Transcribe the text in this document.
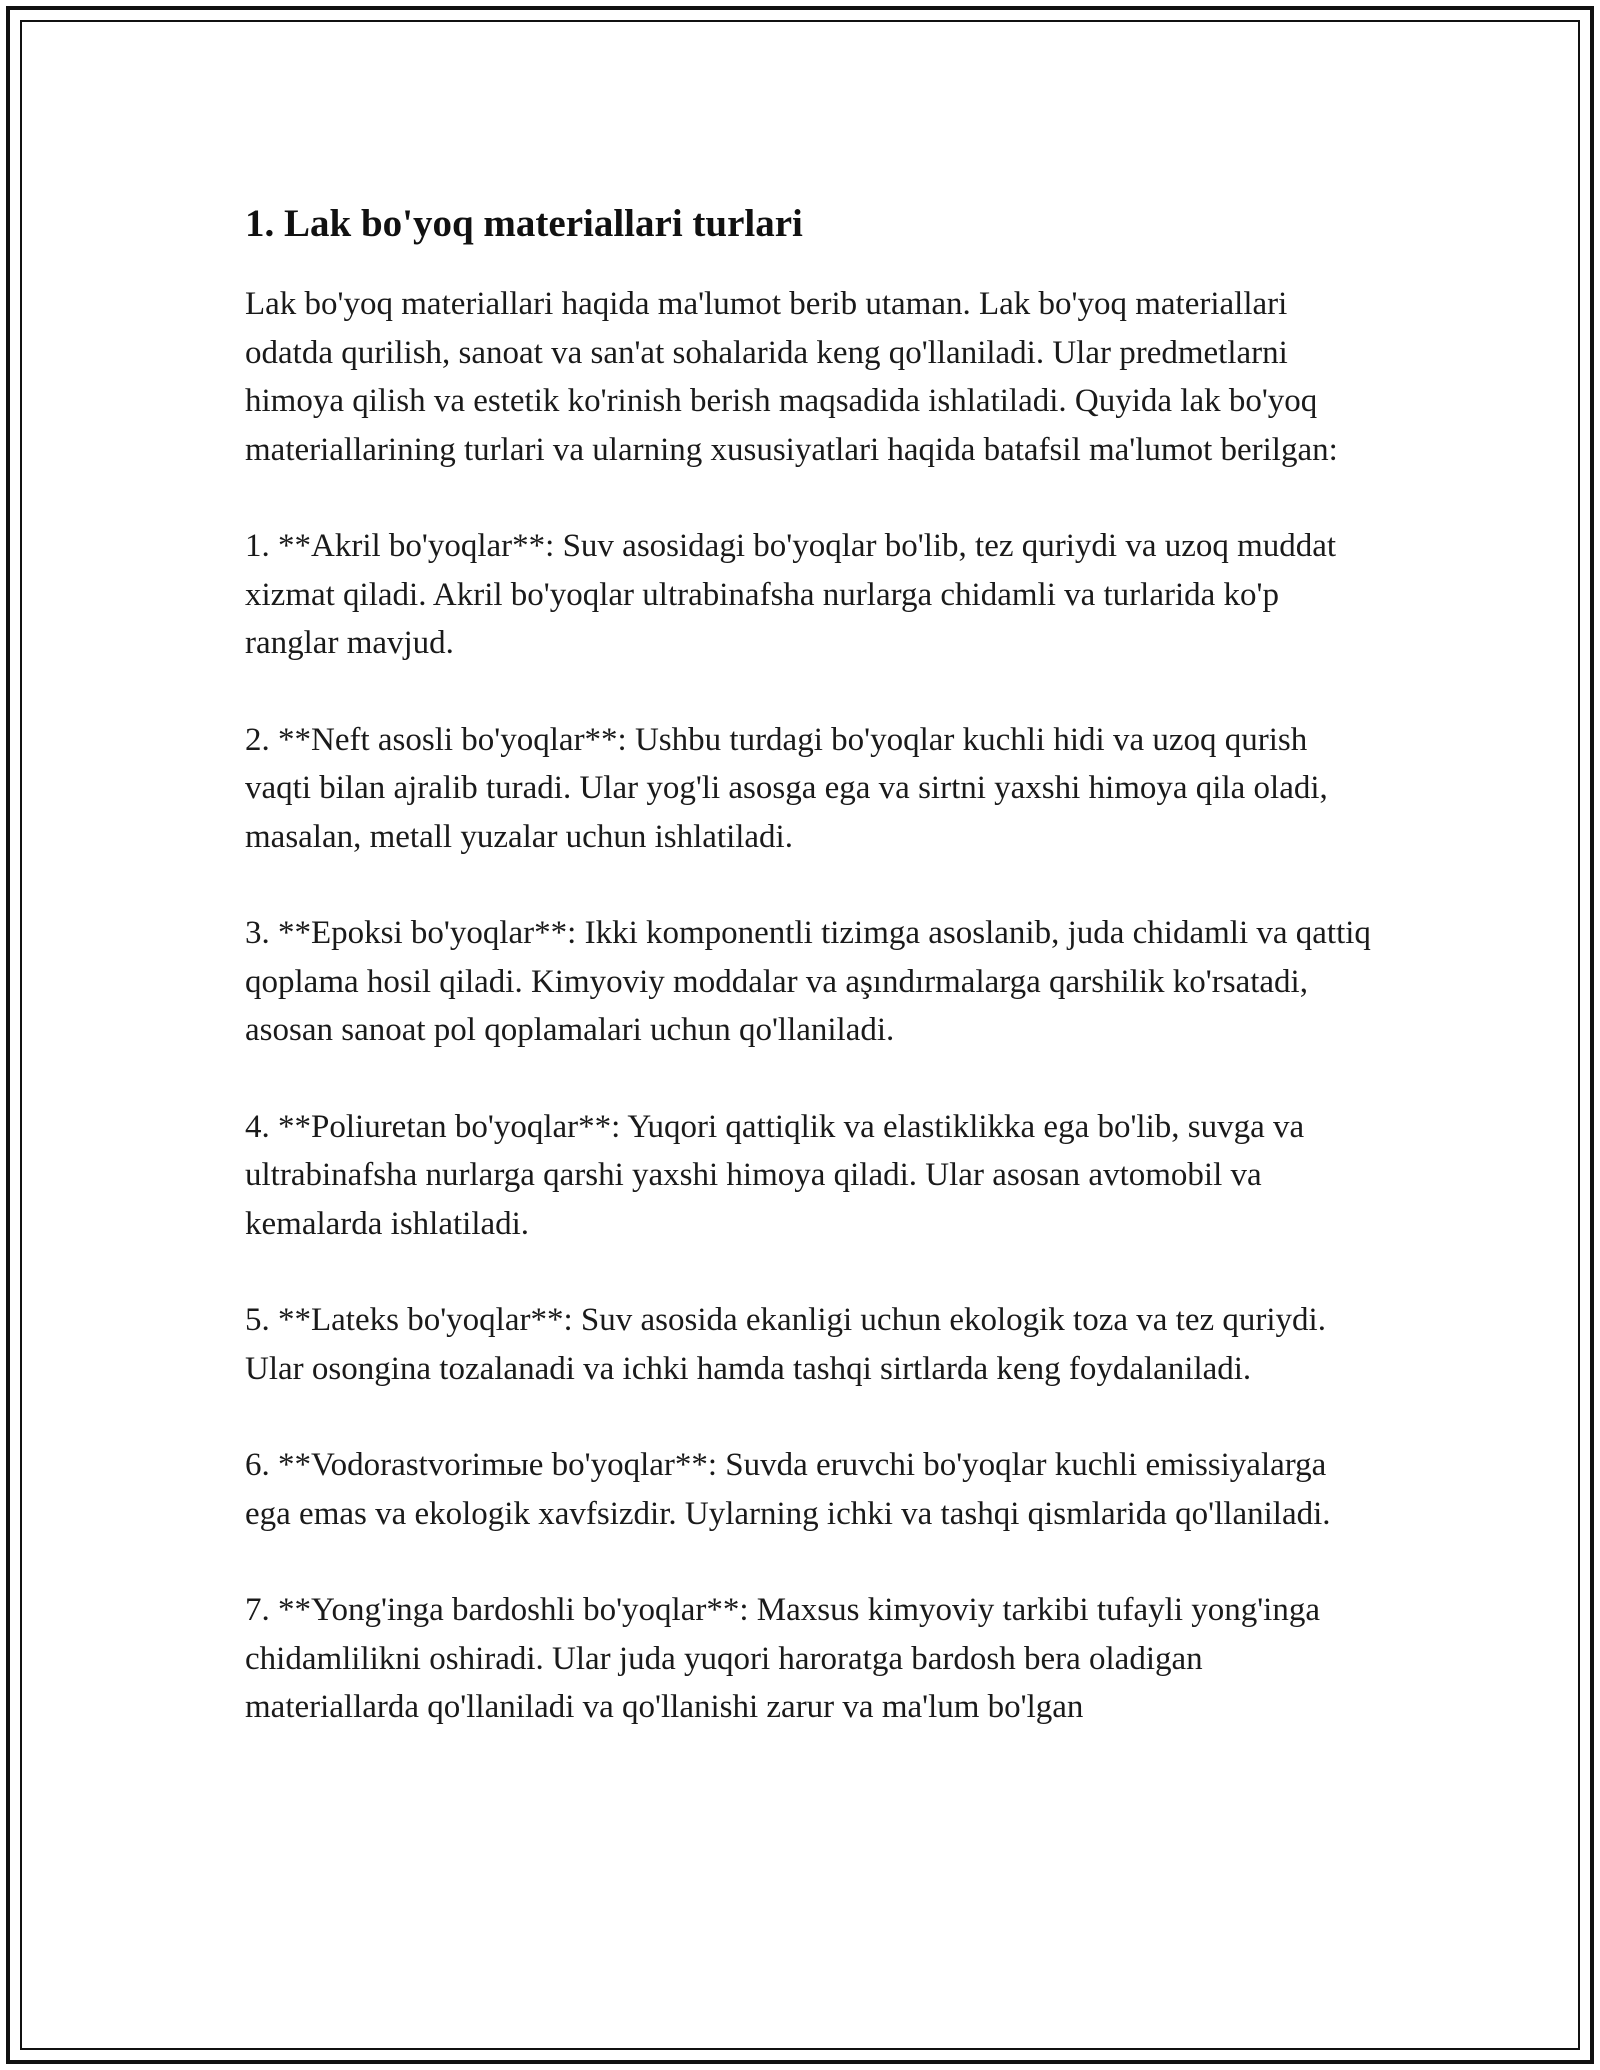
1. Lak bo'yoq materiallari turlari

Lak bo'yoq materiallari haqida ma'lumot berib utaman. Lak bo'yoq materiallari odatda qurilish, sanoat va san'at sohalarida keng qo'llaniladi. Ular predmetlarni himoya qilish va estetik ko'rinish berish maqsadida ishlatiladi. Quyida lak bo'yoq materiallarining turlari va ularning xususiyatlari haqida batafsil ma'lumot berilgan:

1. **Akril bo'yoqlar**: Suv asosidagi bo'yoqlar bo'lib, tez quriydi va uzoq muddat xizmat qiladi. Akril bo'yoqlar ultrabinafsha nurlarga chidamli va turlarida ko'p ranglar mavjud.

2. **Neft asosli bo'yoqlar**: Ushbu turdagi bo'yoqlar kuchli hidi va uzoq qurish vaqti bilan ajralib turadi. Ular yog'li asosga ega va sirtni yaxshi himoya qila oladi, masalan, metall yuzalar uchun ishlatiladi.

3. **Epoksi bo'yoqlar**: Ikki komponentli tizimga asoslanib, juda chidamli va qattiq qoplama hosil qiladi. Kimyoviy moddalar va aşındırmalarga qarshilik ko'rsatadi, asosan sanoat pol qoplamalari uchun qo'llaniladi.

4. **Poliuretan bo'yoqlar**: Yuqori qattiqlik va elastiklikka ega bo'lib, suvga va ultrabinafsha nurlarga qarshi yaxshi himoya qiladi. Ular asosan avtomobil va kemalarda ishlatiladi.

5. **Lateks bo'yoqlar**: Suv asosida ekanligi uchun ekologik toza va tez quriydi. Ular osongina tozalanadi va ichki hamda tashqi sirtlarda keng foydalaniladi.

6. **Vodorastvorimые bo'yoqlar**: Suvda eruvchi bo'yoqlar kuchli emissiyalarga ega emas va ekologik xavfsizdir. Uylarning ichki va tashqi qismlarida qo'llaniladi.

7. **Yong'inga bardoshli bo'yoqlar**: Maxsus kimyoviy tarkibi tufayli yong'inga chidamlilikni oshiradi. Ular juda yuqori haroratga bardosh bera oladigan materiallarda qo'llaniladi va qo'llanishi zarur va ma'lum bo'lgan
